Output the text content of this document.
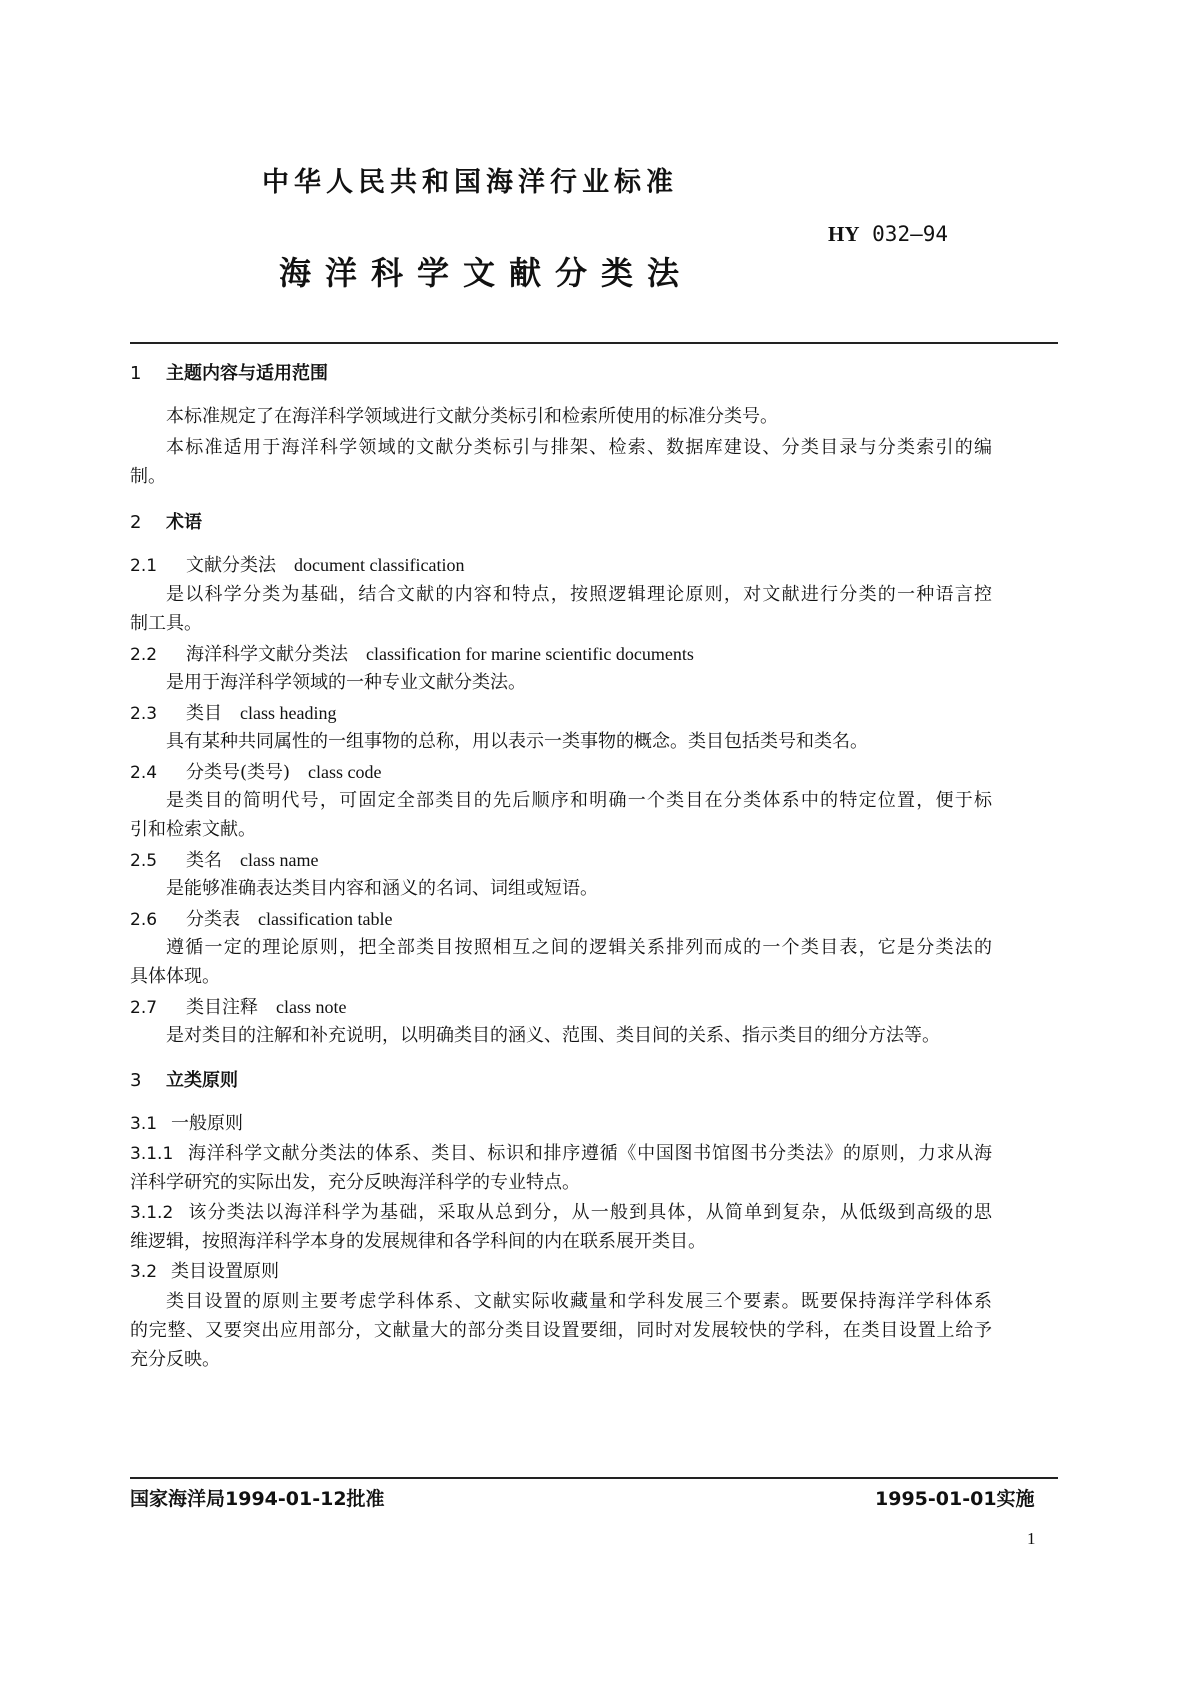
中华人民共和国海洋行业标准
HY 032—94
海洋科学文献分类法
1 主题内容与适用范围
本标准规定了在海洋科学领域进行文献分类标引和检索所使用的标准分类号。
本标准适用于海洋科学领域的文献分类标引与排架、检索、数据库建设、分类目录与分类索引的编
制。
2 术语
2.1 文献分类法 document classification
是以科学分类为基础，结合文献的内容和特点，按照逻辑理论原则，对文献进行分类的一种语言控
制工具。
2.2 海洋科学文献分类法 classification for marine scientific documents
是用于海洋科学领域的一种专业文献分类法。
2.3 类目 class heading
具有某种共同属性的一组事物的总称，用以表示一类事物的概念。类目包括类号和类名。
2.4 分类号(类号) class code
是类目的简明代号，可固定全部类目的先后顺序和明确一个类目在分类体系中的特定位置，便于标
引和检索文献。
2.5 类名 class name
是能够准确表达类目内容和涵义的名词、词组或短语。
2.6 分类表 classification table
遵循一定的理论原则，把全部类目按照相互之间的逻辑关系排列而成的一个类目表，它是分类法的
具体体现。
2.7 类目注释 class note
是对类目的注解和补充说明，以明确类目的涵义、范围、类目间的关系、指示类目的细分方法等。
3 立类原则
3.1 一般原则
3.1.1 海洋科学文献分类法的体系、类目、标识和排序遵循《中国图书馆图书分类法》的原则，力求从海
洋科学研究的实际出发，充分反映海洋科学的专业特点。
3.1.2 该分类法以海洋科学为基础，采取从总到分，从一般到具体，从简单到复杂，从低级到高级的思
维逻辑，按照海洋科学本身的发展规律和各学科间的内在联系展开类目。
3.2 类目设置原则
类目设置的原则主要考虑学科体系、文献实际收藏量和学科发展三个要素。既要保持海洋学科体系
的完整、又要突出应用部分，文献量大的部分类目设置要细，同时对发展较快的学科，在类目设置上给予
充分反映。
国家海洋局1994-01-12批准	1995-01-01实施
1
